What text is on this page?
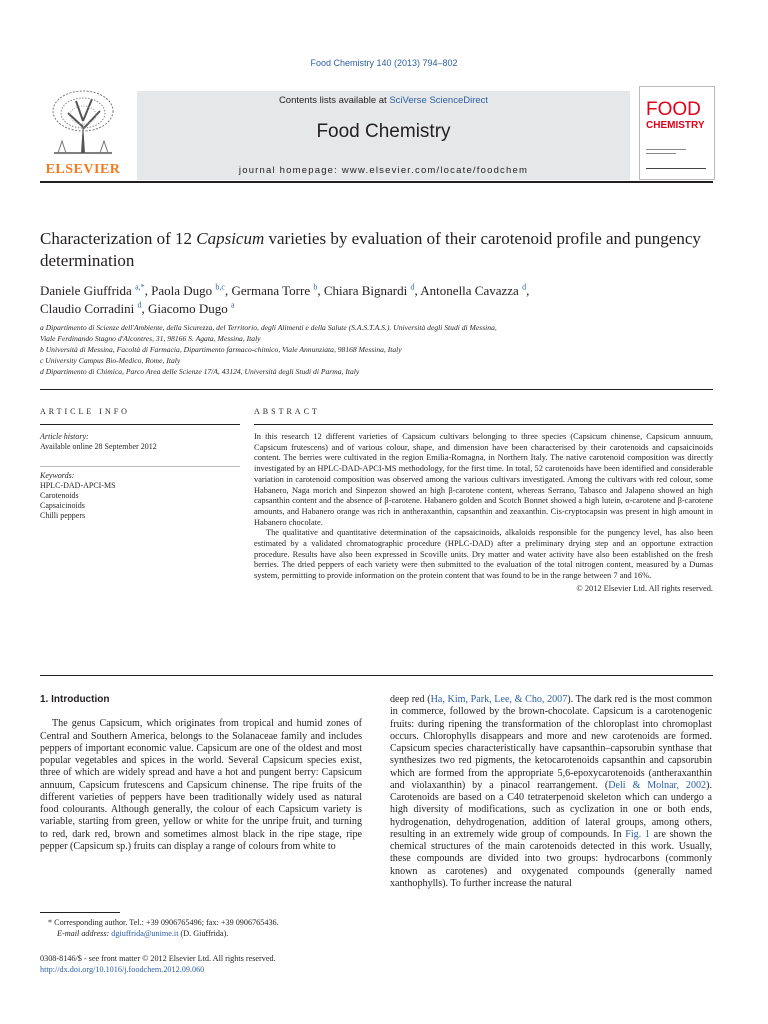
Food Chemistry 140 (2013) 794–802
ELSEVIER
Contents lists available at SciVerse ScienceDirect
Food Chemistry
journal homepage: www.elsevier.com/locate/foodchem
FOOD
CHEMISTRY
Characterization of 12 Capsicum varieties by evaluation of their carotenoid profile and pungency determination
Daniele Giuffrida $^{a,*}$, Paola Dugo $^{b,c}$, Germana Torre $^b$, Chiara Bignardi $^d$, Antonella Cavazza $^d$,
Claudio Corradini $^d$, Giacomo Dugo $^a$
a Dipartimento di Scienze dell'Ambiente, della Sicurezza, del Territorio, degli Alimenti e della Salute (S.A.S.T.A.S.). Università degli Studi di Messina,
Viale Ferdinando Stagno d'Alcontres, 31, 98166 S. Agata, Messina, Italy
b Università di Messina, Facoltà di Farmacia, Dipartimento farmaco-chimico, Viale Annunziata, 98168 Messina, Italy
c University Campus Bio-Medico, Rome, Italy
d Dipartimento di Chimica, Parco Area delle Scienze 17/A, 43124, Università degli Studi di Parma, Italy
ARTICLE INFO	ABSTRACT
Article history:
Available online 28 September 2012
Keywords:
HPLC-DAD-APCI-MS
Carotenoids
Capsaicinoids
Chilli peppers

In this research 12 different varieties of Capsicum cultivars belonging to three species (Capsicum chinense, Capsicum annuum, Capsicum frutescens) and of various colour, shape, and dimension have been characterised by their carotenoids and capsaicinoids content. The berries were cultivated in the region Emilia-Romagna, in Northern Italy. The native carotenoid composition was directly investigated by an HPLC-DAD-APCI-MS methodology, for the first time. In total, 52 carotenoids have been identified and considerable variation in carotenoid composition was observed among the various cultivars investigated. Among the cultivars with red colour, some Habanero, Naga morich and Sinpezon showed an high β-carotene content, whereas Serrano, Tabasco and Jalapeno showed an high capsanthin content and the absence of β-carotene. Habanero golden and Scotch Bonnet showed a high lutein, α-carotene and β-carotene amounts, and Habanero orange was rich in antheraxanthin, capsanthin and zeaxanthin. Cis-cryptocapsin was present in high amount in Habanero chocolate.

The qualitative and quantitative determination of the capsaicinoids, alkaloids responsible for the pungency level, has also been estimated by a validated chromatographic procedure (HPLC-DAD) after a preliminary drying step and an opportune extraction procedure. Results have also been expressed in Scoville units. Dry matter and water activity have also been established on the fresh berries. The dried peppers of each variety were then submitted to the evaluation of the total nitrogen content, measured by a Dumas system, permitting to provide information on the protein content that was found to be in the range between 7 and 16%.

© 2012 Elsevier Ltd. All rights reserved.

1. Introduction

The genus Capsicum, which originates from tropical and humid zones of Central and Southern America, belongs to the Solanaceae family and includes peppers of important economic value. Capsicum are one of the oldest and most popular vegetables and spices in the world. Several Capsicum species exist, three of which are widely spread and have a hot and pungent berry: Capsicum annuum, Capsicum frutescens and Capsicum chinense. The ripe fruits of the different varieties of peppers have been traditionally widely used as natural food colourants. Although generally, the colour of each Capsicum variety is variable, starting from green, yellow or white for the unripe fruit, and turning to red, dark red, brown and sometimes almost black in the ripe stage, ripe pepper (Capsicum sp.) fruits can display a range of colours from white to

deep red (Ha, Kim, Park, Lee, & Cho, 2007). The dark red is the most common in commerce, followed by the brown-chocolate. Capsicum is a carotenogenic fruits: during ripening the transformation of the chloroplast into chromoplast occurs. Chlorophylls disappears and more and new carotenoids are formed. Capsicum species characteristically have capsanthin–capsorubin synthase that synthesizes two red pigments, the ketocarotenoids capsanthin and capsorubin which are formed from the appropriate 5,6-epoxycarotenoids (antheraxanthin and violaxanthin) by a pinacol rearrangement. (Deli & Molnar, 2002). Carotenoids are based on a C40 tetraterpenoid skeleton which can undergo a high diversity of modifications, such as cyclization in one or both ends, hydrogenation, dehydrogenation, addition of lateral groups, among others, resulting in an extremely wide group of compounds. In Fig. 1 are shown the chemical structures of the main carotenoids detected in this work. Usually, these compounds are divided into two groups: hydrocarbons (commonly known as carotenes) and oxygenated compounds (generally named xanthophylls). To further increase the natural

* Corresponding author. Tel.: +39 0906765496; fax: +39 0906765436.
E-mail address: dgiuffrida@unime.it (D. Giuffrida).
0308-8146/$ - see front matter © 2012 Elsevier Ltd. All rights reserved.
http://dx.doi.org/10.1016/j.foodchem.2012.09.060
